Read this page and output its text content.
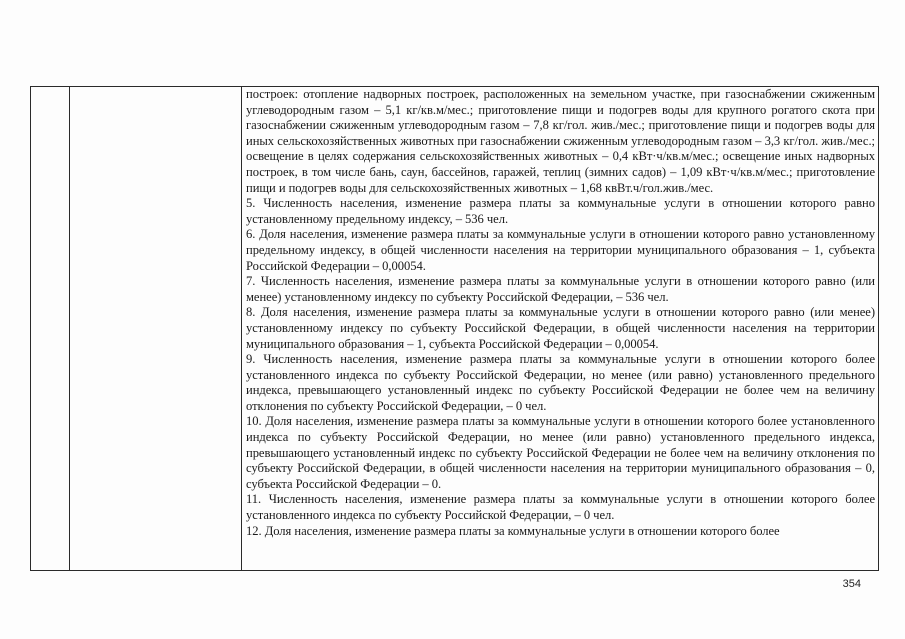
построек: отопление надворных построек, расположенных на земельном участке, при газоснабжении сжиженным углеводородным газом – 5,1 кг/кв.м/мес.; приготовление пищи и подогрев воды для крупного рогатого скота при газоснабжении сжиженным углеводородным газом – 7,8 кг/гол. жив./мес.; приготовление пищи и подогрев воды для иных сельскохозяйственных животных при газоснабжении сжиженным углеводородным газом – 3,3 кг/гол. жив./мес.; освещение в целях содержания сельскохозяйственных животных – 0,4 кВт·ч/кв.м/мес.; освещение иных надворных построек, в том числе бань, саун, бассейнов, гаражей, теплиц (зимних садов) – 1,09 кВт·ч/кв.м/мес.; приготовление пищи и подогрев воды для сельскохозяйственных животных – 1,68 квВт.ч/гол.жив./мес.

5. Численность населения, изменение размера платы за коммунальные услуги в отношении которого равно установленному предельному индексу, – 536 чел.

6. Доля населения, изменение размера платы за коммунальные услуги в отношении которого равно установленному предельному индексу, в общей численности населения на территории муниципального образования – 1, субъекта Российской Федерации – 0,00054.

7. Численность населения, изменение размера платы за коммунальные услуги в отношении которого равно (или менее) установленному индексу по субъекту Российской Федерации, – 536 чел.

8. Доля населения, изменение размера платы за коммунальные услуги в отношении которого равно (или менее) установленному индексу по субъекту Российской Федерации, в общей численности населения на территории муниципального образования – 1, субъекта Российской Федерации – 0,00054.

9. Численность населения, изменение размера платы за коммунальные услуги в отношении которого более установленного индекса по субъекту Российской Федерации, но менее (или равно) установленного предельного индекса, превышающего установленный индекс по субъекту Российской Федерации не более чем на величину отклонения по субъекту Российской Федерации, – 0 чел.

10. Доля населения, изменение размера платы за коммунальные услуги в отношении которого более установленного индекса по субъекту Российской Федерации, но менее (или равно) установленного предельного индекса, превышающего установленный индекс по субъекту Российской Федерации не более чем на величину отклонения по субъекту Российской Федерации, в общей численности населения на территории муниципального образования – 0, субъекта Российской Федерации – 0.

11. Численность населения, изменение размера платы за коммунальные услуги в отношении которого более установленного индекса по субъекту Российской Федерации, – 0 чел.

12. Доля населения, изменение размера платы за коммунальные услуги в отношении которого более

354
